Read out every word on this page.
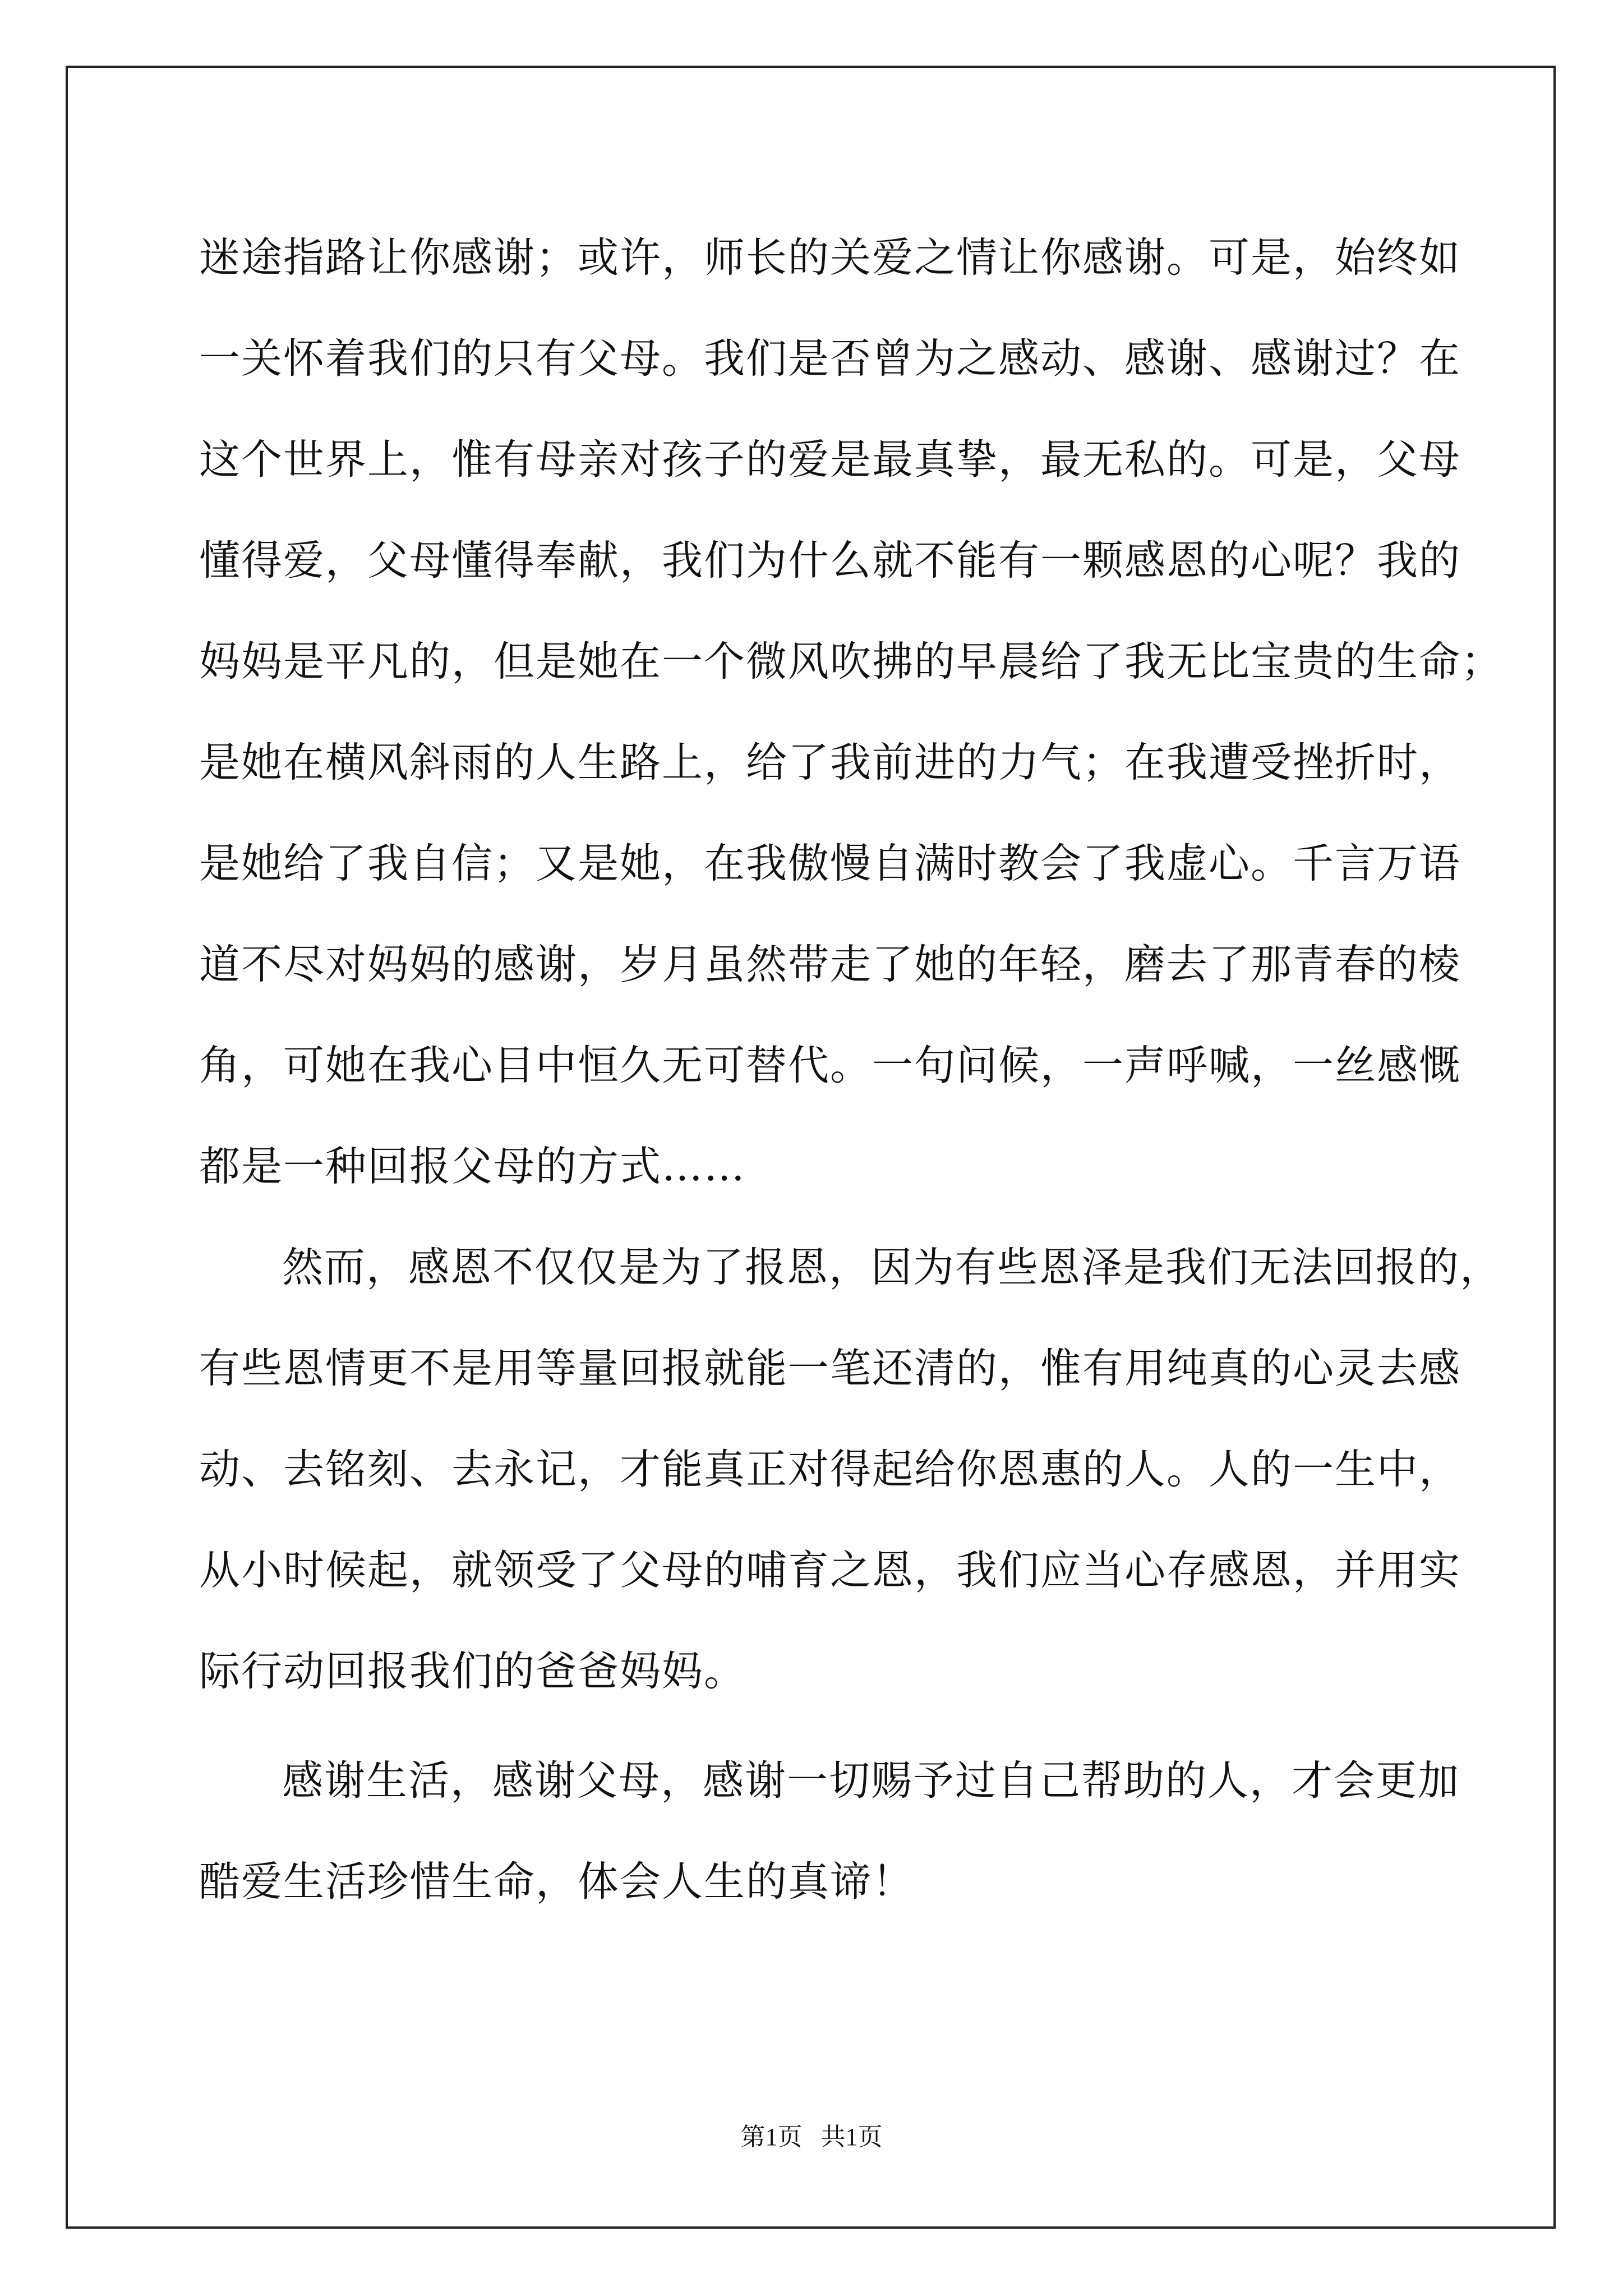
迷途指路让你感谢；或许，师长的关爱之情让你感谢。可是，始终如
一关怀着我们的只有父母。我们是否曾为之感动、感谢、感谢过？在
这个世界上，惟有母亲对孩子的爱是最真挚，最无私的。可是，父母
懂得爱，父母懂得奉献，我们为什么就不能有一颗感恩的心呢？我的
妈妈是平凡的，但是她在一个微风吹拂的早晨给了我无比宝贵的生命；
是她在横风斜雨的人生路上，给了我前进的力气；在我遭受挫折时，
是她给了我自信；又是她，在我傲慢自满时教会了我虚心。千言万语
道不尽对妈妈的感谢，岁月虽然带走了她的年轻，磨去了那青春的棱
角，可她在我心目中恒久无可替代。一句问候，一声呼喊，一丝感慨
都是一种回报父母的方式……
然而，感恩不仅仅是为了报恩，因为有些恩泽是我们无法回报的，
有些恩情更不是用等量回报就能一笔还清的，惟有用纯真的心灵去感
动、去铭刻、去永记，才能真正对得起给你恩惠的人。人的一生中，
从小时候起，就领受了父母的哺育之恩，我们应当心存感恩，并用实
际行动回报我们的爸爸妈妈。
感谢生活，感谢父母，感谢一切赐予过自己帮助的人，才会更加
酷爱生活珍惜生命，体会人生的真谛！
第1页   共1页
